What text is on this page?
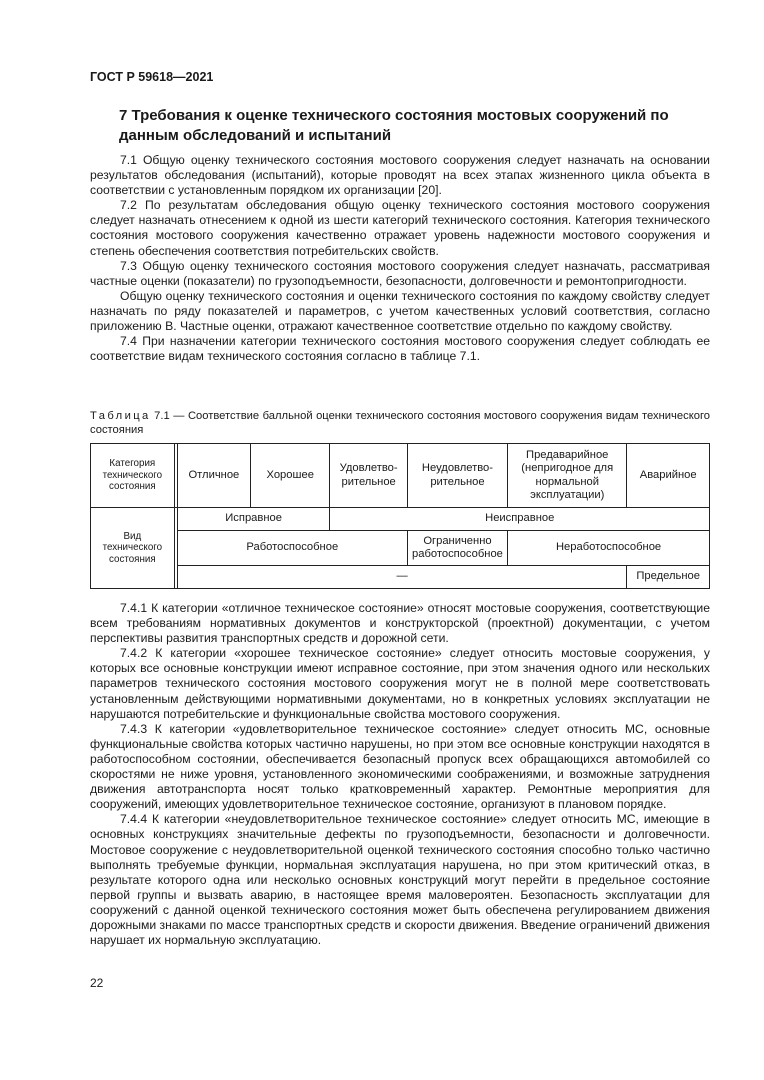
ГОСТ Р 59618—2021
7 Требования к оценке технического состояния мостовых сооружений по данным обследований и испытаний

7.1 Общую оценку технического состояния мостового сооружения следует назначать на основании результатов обследования (испытаний), которые проводят на всех этапах жизненного цикла объекта в соответствии с установленным порядком их организации [20].

7.2 По результатам обследования общую оценку технического состояния мостового сооружения следует назначать отнесением к одной из шести категорий технического состояния. Категория технического состояния мостового сооружения качественно отражает уровень надежности мостового сооружения и степень обеспечения соответствия потребительских свойств.

7.3 Общую оценку технического состояния мостового сооружения следует назначать, рассматривая частные оценки (показатели) по грузоподъемности, безопасности, долговечности и ремонтопригодности.

Общую оценку технического состояния и оценки технического состояния по каждому свойству следует назначать по ряду показателей и параметров, с учетом качественных условий соответствия, согласно приложению В. Частные оценки, отражают качественное соответствие отдельно по каждому свойству.

7.4 При назначении категории технического состояния мостового сооружения следует соблюдать ее соответствие видам технического состояния согласно в таблице 7.1.

Таблица 7.1 — Соответствие балльной оценки технического состояния мостового сооружения видам технического состояния
Категория технического состояния		Отличное	Хорошее	Удовлетво-рительное	Неудовлетво-рительное	Предаварийное (непригодное для нормальной эксплуатации)	Аварийное
Вид технического состояния		Исправное		Неисправное			
		Работоспособное			Ограниченно работоспособное	Неработоспособное	
		—					Предельное

7.4.1 К категории «отличное техническое состояние» относят мостовые сооружения, соответствующие всем требованиям нормативных документов и конструкторской (проектной) документации, с учетом перспективы развития транспортных средств и дорожной сети.

7.4.2 К категории «хорошее техническое состояние» следует относить мостовые сооружения, у которых все основные конструкции имеют исправное состояние, при этом значения одного или нескольких параметров технического состояния мостового сооружения могут не в полной мере соответствовать установленным действующими нормативными документами, но в конкретных условиях эксплуатации не нарушаются потребительские и функциональные свойства мостового сооружения.

7.4.3 К категории «удовлетворительное техническое состояние» следует относить МС, основные функциональные свойства которых частично нарушены, но при этом все основные конструкции находятся в работоспособном состоянии, обеспечивается безопасный пропуск всех обращающихся автомобилей со скоростями не ниже уровня, установленного экономическими соображениями, и возможные затруднения движения автотранспорта носят только кратковременный характер. Ремонтные мероприятия для сооружений, имеющих удовлетворительное техническое состояние, организуют в плановом порядке.

7.4.4 К категории «неудовлетворительное техническое состояние» следует относить МС, имеющие в основных конструкциях значительные дефекты по грузоподъемности, безопасности и долговечности. Мостовое сооружение с неудовлетворительной оценкой технического состояния способно только частично выполнять требуемые функции, нормальная эксплуатация нарушена, но при этом критический отказ, в результате которого одна или несколько основных конструкций могут перейти в предельное состояние первой группы и вызвать аварию, в настоящее время маловероятен. Безопасность эксплуатации для сооружений с данной оценкой технического состояния может быть обеспечена регулированием движения дорожными знаками по массе транспортных средств и скорости движения. Введение ограничений движения нарушает их нормальную эксплуатацию.

22
